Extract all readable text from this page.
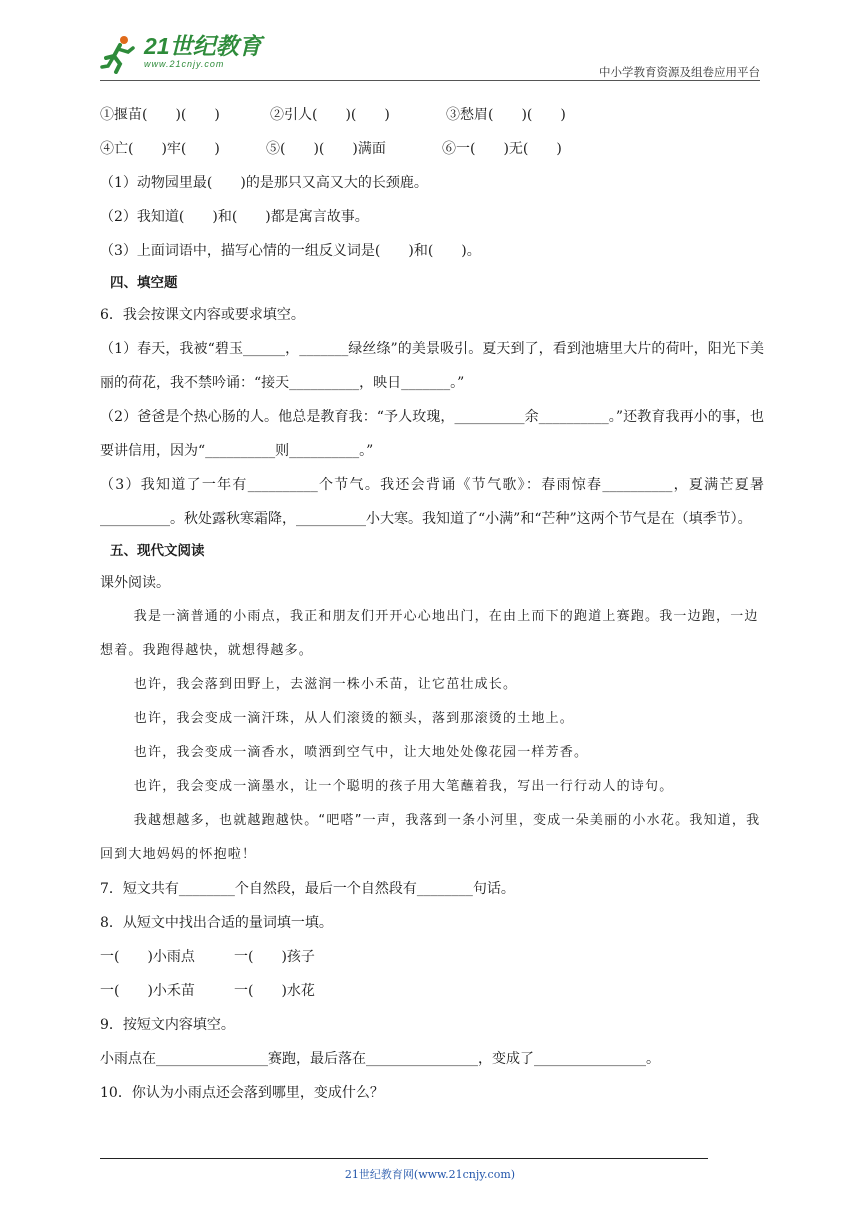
21世纪教育
www.21cnjy.com
中小学教育资源及组卷应用平台
①揠苗(　　)(　　)	②引人(　　)(　　)	③愁眉(　　)(　　)
④亡(　　)牢(　　)	⑤(　　)(　　)满面	⑥一(　　)无(　　)
（1）动物园里最(　　)的是那只又高又大的长颈鹿。
（2）我知道(　　)和(　　)都是寓言故事。
（3）上面词语中，描写心情的一组反义词是(　　)和(　　)。
四、填空题
6．我会按课文内容或要求填空。
（1）春天，我被“碧玉______，_______绿丝绦”的美景吸引。夏天到了，看到池塘里大片的荷叶，阳光下美丽的荷花，我不禁吟诵：“接天__________，映日_______。”
（2）爸爸是个热心肠的人。他总是教育我：“予人玫瑰，__________余__________。”还教育我再小的事，也要讲信用，因为“__________则__________。”
（3）我知道了一年有__________个节气。我还会背诵《节气歌》：春雨惊春__________，夏满芒夏暑__________。秋处露秋寒霜降，__________小大寒。我知道了“小满”和“芒种”这两个节气是在（填季节）。
五、现代文阅读
课外阅读。
我是一滴普通的小雨点，我正和朋友们开开心心地出门，在由上而下的跑道上赛跑。我一边跑，一边想着。我跑得越快，就想得越多。
也许，我会落到田野上，去滋润一株小禾苗，让它茁壮成长。
也许，我会变成一滴汗珠，从人们滚烫的额头，落到那滚烫的土地上。
也许，我会变成一滴香水，喷洒到空气中，让大地处处像花园一样芳香。
也许，我会变成一滴墨水，让一个聪明的孩子用大笔蘸着我，写出一行行动人的诗句。
我越想越多，也就越跑越快。“吧嗒”一声，我落到一条小河里，变成一朵美丽的小水花。我知道，我回到大地妈妈的怀抱啦！
7．短文共有________个自然段，最后一个自然段有________句话。
8．从短文中找出合适的量词填一填。
一(　　)小雨点	一(　　)孩子
一(　　)小禾苗	一(　　)水花
9．按短文内容填空。
小雨点在________________赛跑，最后落在________________，变成了________________。
10．你认为小雨点还会落到哪里，变成什么？
21世纪教育网(www.21cnjy.com)
